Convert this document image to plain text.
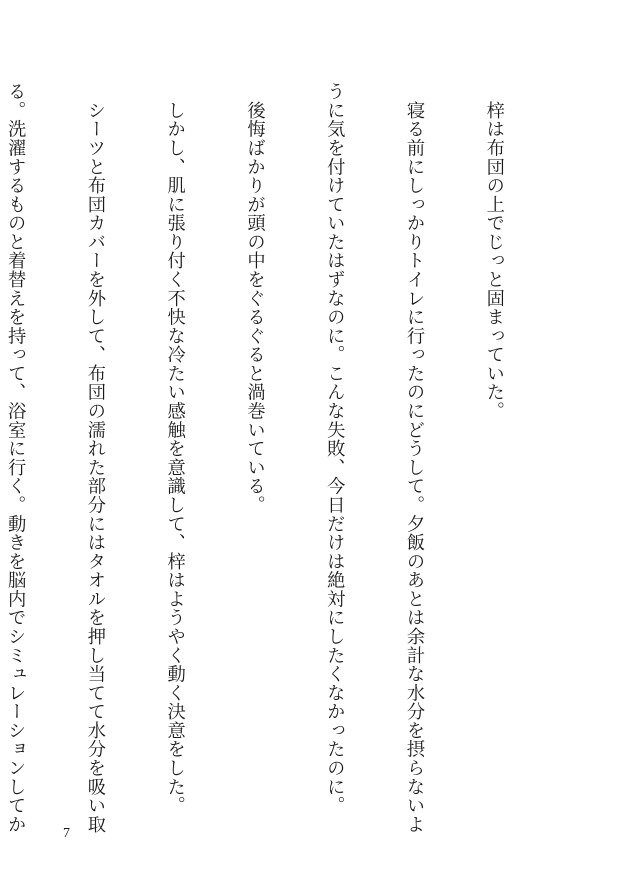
　梓は布団の上でじっと固まっていた。

　寝る前にしっかりトイレに行ったのにどうして。夕飯のあとは余計な水分を摂らないよ

うに気を付けていたはずなのに。こんな失敗、今日だけは絶対にしたくなかったのに。

　後悔ばかりが頭の中をぐるぐると渦巻いている。

　しかし、肌に張り付く不快な冷たい感触を意識して、梓はようやく動く決意をした。

　シーツと布団カバーを外して、布団の濡れた部分にはタオルを押し当てて水分を吸い取

る。洗濯するものと着替えを持って、浴室に行く。動きを脳内でシミュレーションしてか

	7
